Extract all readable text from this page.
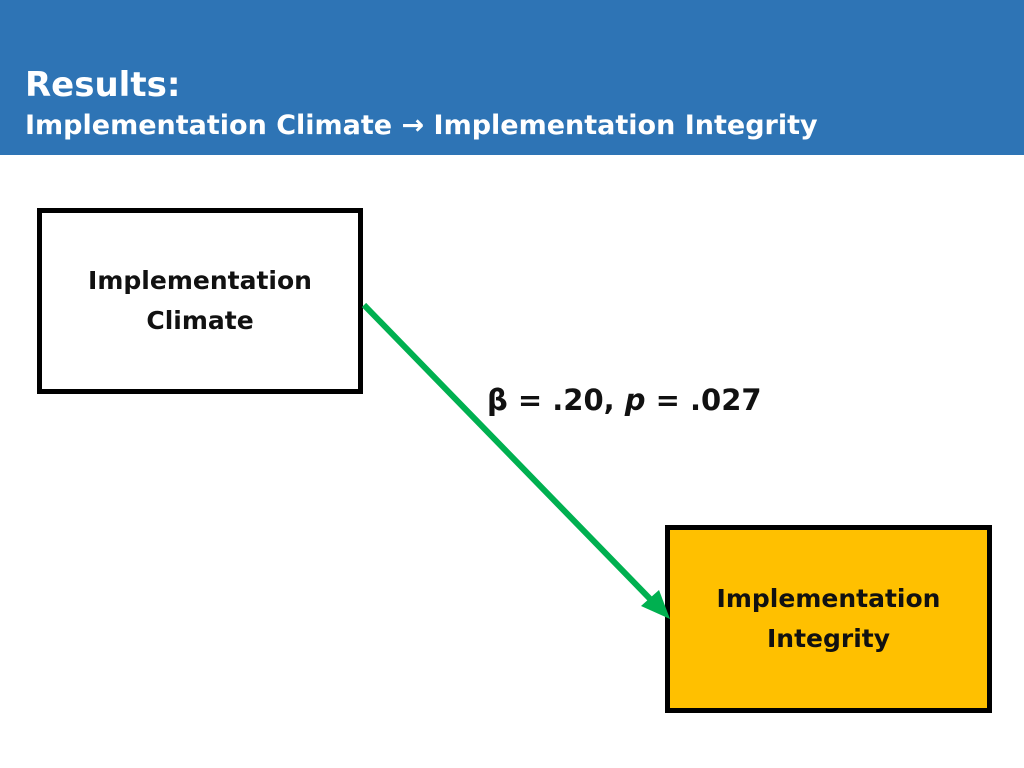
Results:
Implementation Climate → Implementation Integrity
Implementation
Climate
Implementation
Integrity
β = .20, p = .027
